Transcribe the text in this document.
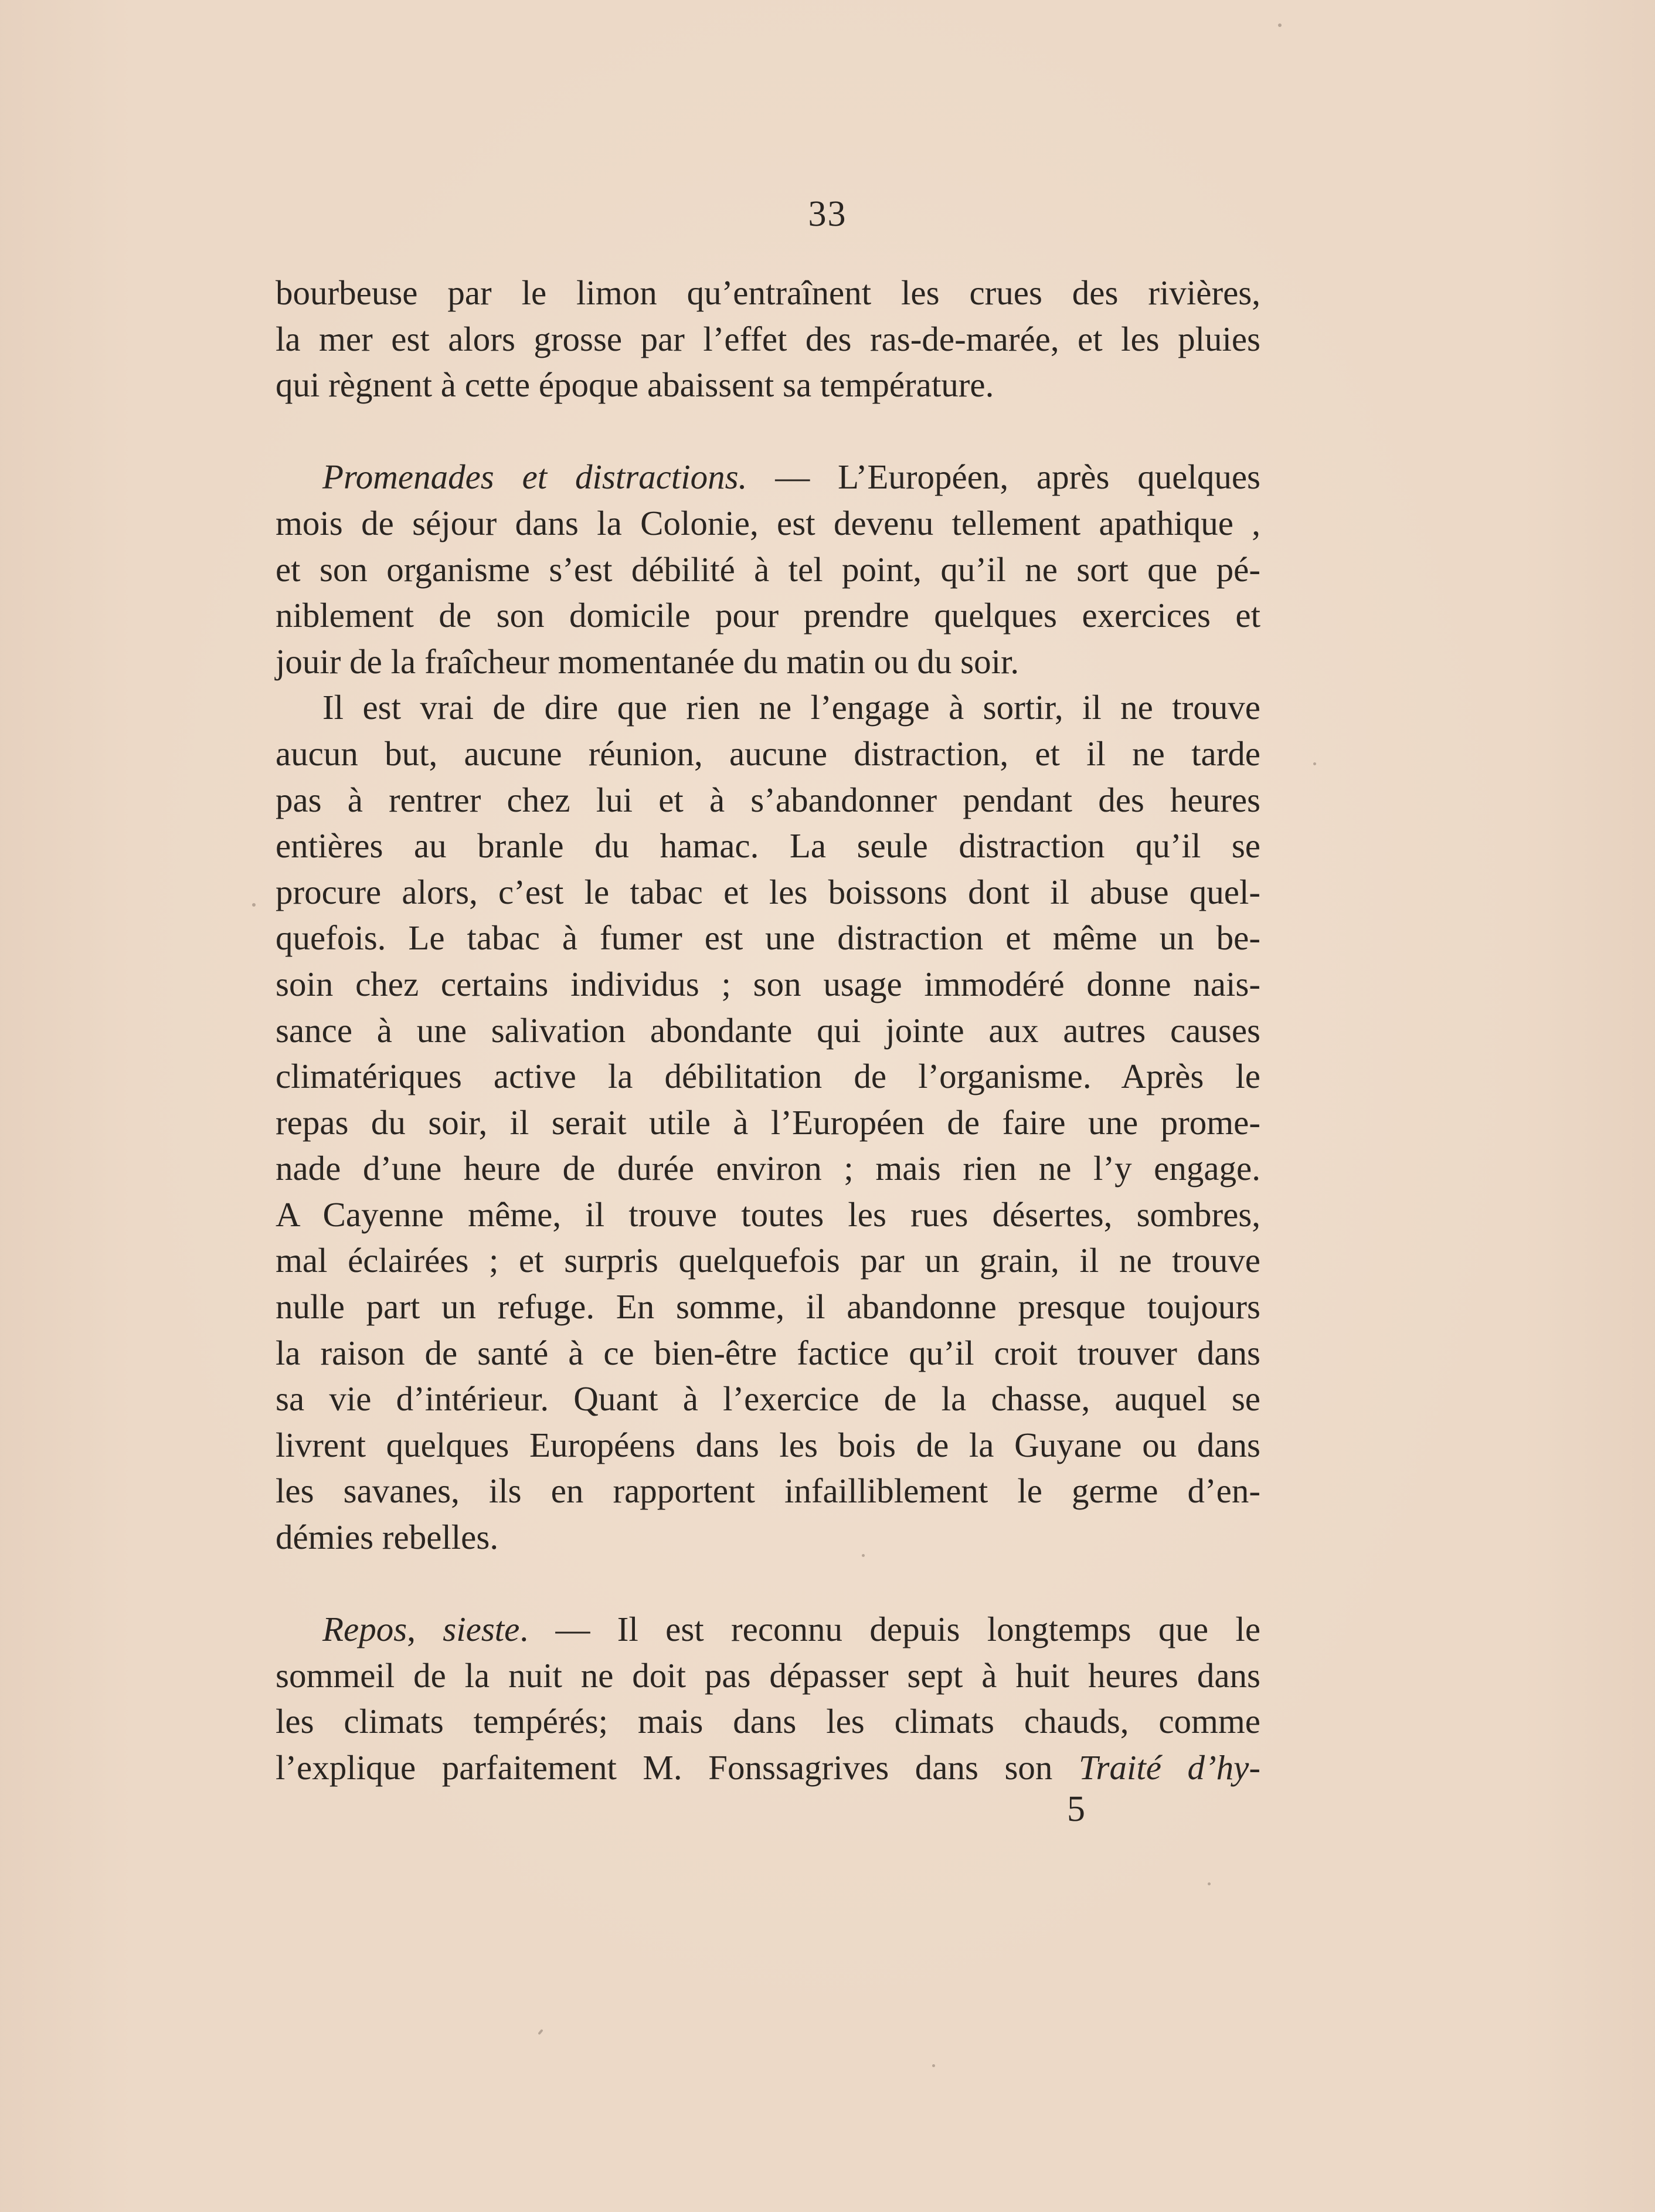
33
bourbeuse par le limon qu’entraînent les crues des rivières,
la mer est alors grosse par l’effet des ras-de-marée, et les pluies
qui règnent à cette époque abaissent sa température.
Promenades et distractions. — L’Européen, après quelques
mois de séjour dans la Colonie, est devenu tellement apathique ,
et son organisme s’est débilité à tel point, qu’il ne sort que pé-
niblement de son domicile pour prendre quelques exercices et
jouir de la fraîcheur momentanée du matin ou du soir.
Il est vrai de dire que rien ne l’engage à sortir, il ne trouve
aucun but, aucune réunion, aucune distraction, et il ne tarde
pas à rentrer chez lui et à s’abandonner pendant des heures
entières au branle du hamac. La seule distraction qu’il se
procure alors, c’est le tabac et les boissons dont il abuse quel-
quefois. Le tabac à fumer est une distraction et même un be-
soin chez certains individus ; son usage immodéré donne nais-
sance à une salivation abondante qui jointe aux autres causes
climatériques active la débilitation de l’organisme. Après le
repas du soir, il serait utile à l’Européen de faire une prome-
nade d’une heure de durée environ ; mais rien ne l’y engage.
A Cayenne même, il trouve toutes les rues désertes, sombres,
mal éclairées ; et surpris quelquefois par un grain, il ne trouve
nulle part un refuge. En somme, il abandonne presque toujours
la raison de santé à ce bien-être factice qu’il croit trouver dans
sa vie d’intérieur. Quant à l’exercice de la chasse, auquel se
livrent quelques Européens dans les bois de la Guyane ou dans
les savanes, ils en rapportent infailliblement le germe d’en-
démies rebelles.
Repos, sieste. — Il est reconnu depuis longtemps que le
sommeil de la nuit ne doit pas dépasser sept à huit heures dans
les climats tempérés; mais dans les climats chauds, comme
l’explique parfaitement M. Fonssagrives dans son Traité d’hy-
5
